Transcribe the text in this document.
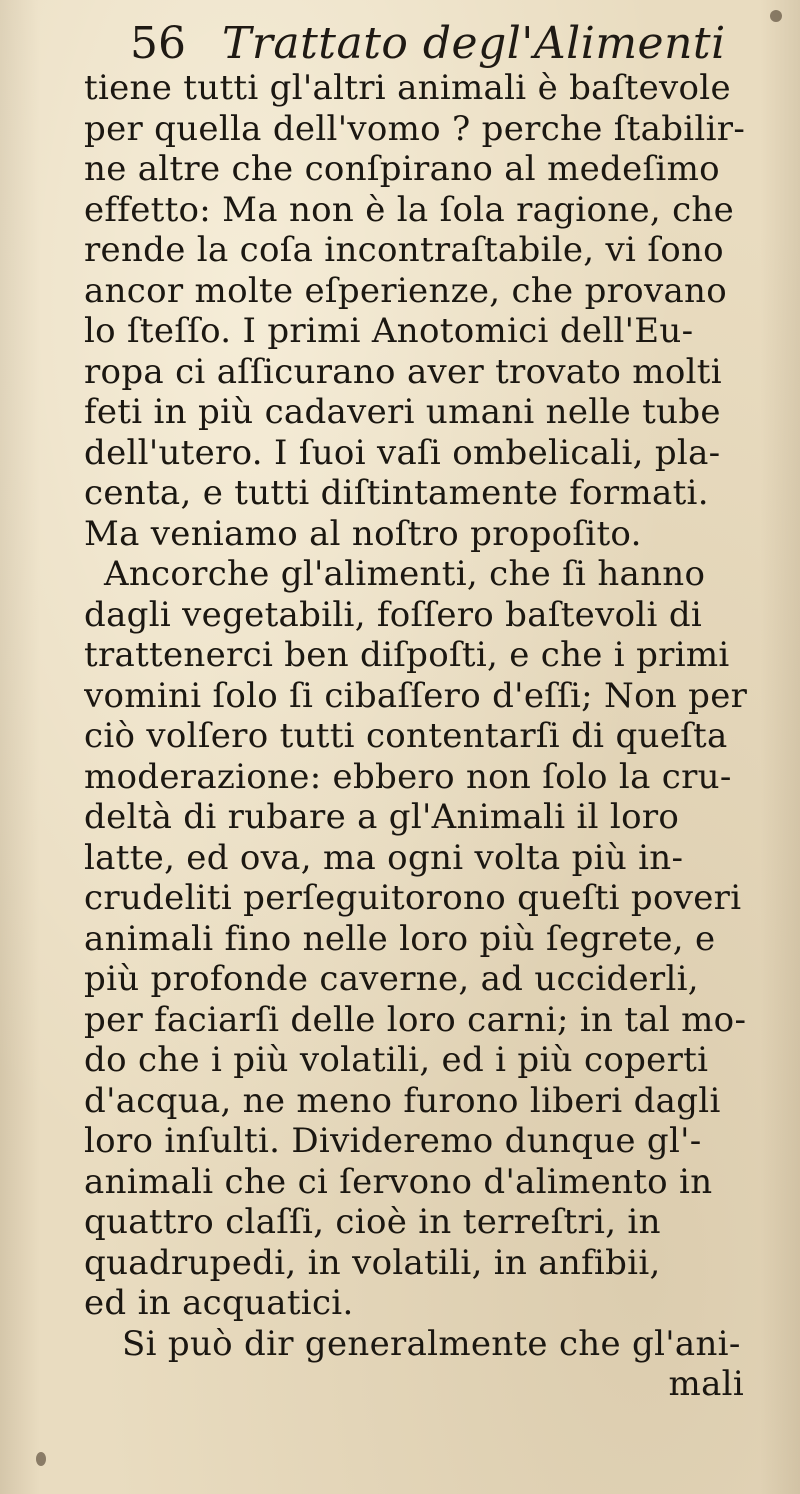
56 Trattato degl'Alimenti
tiene tutti gl'altri animali è baſtevole
per quella dell'vomo ? perche ſtabilir-
ne altre che conſpirano al medeſimo
effetto: Ma non è la ſola ragione, che
rende la coſa incontraſtabile, vi ſono
ancor molte eſperienze, che provano
lo ſteſſo. I primi Anotomici dell'Eu-
ropa ci aſſicurano aver trovato molti
feti in più cadaveri umani nelle tube
dell'utero. I ſuoi vaſi ombelicali, pla-
centa, e tutti diſtintamente formati.
Ma veniamo al noſtro propoſito.
Ancorche gl'alimenti, che ſi hanno
dagli vegetabili, foſſero baſtevoli di
trattenerci ben diſpoſti, e che i primi
vomini ſolo ſi cibaſſero d'eſſi; Non per
ciò volſero tutti contentarſi di queſta
moderazione: ebbero non ſolo la cru-
deltà di rubare a gl'Animali il loro
latte, ed ova, ma ogni volta più in-
crudeliti perſeguitorono queſti poveri
animali fino nelle loro più ſegrete, e
più profonde caverne, ad ucciderli,
per faciarſi delle loro carni; in tal mo-
do che i più volatili, ed i più coperti
d'acqua, ne meno furono liberi dagli
loro inſulti. Divideremo dunque gl'-
animali che ci ſervono d'alimento in
quattro claſſi, cioè in terreſtri, in
quadrupedi, in volatili, in anfibii,
ed in acquatici.
Si può dir generalmente che gl'ani-
mali
